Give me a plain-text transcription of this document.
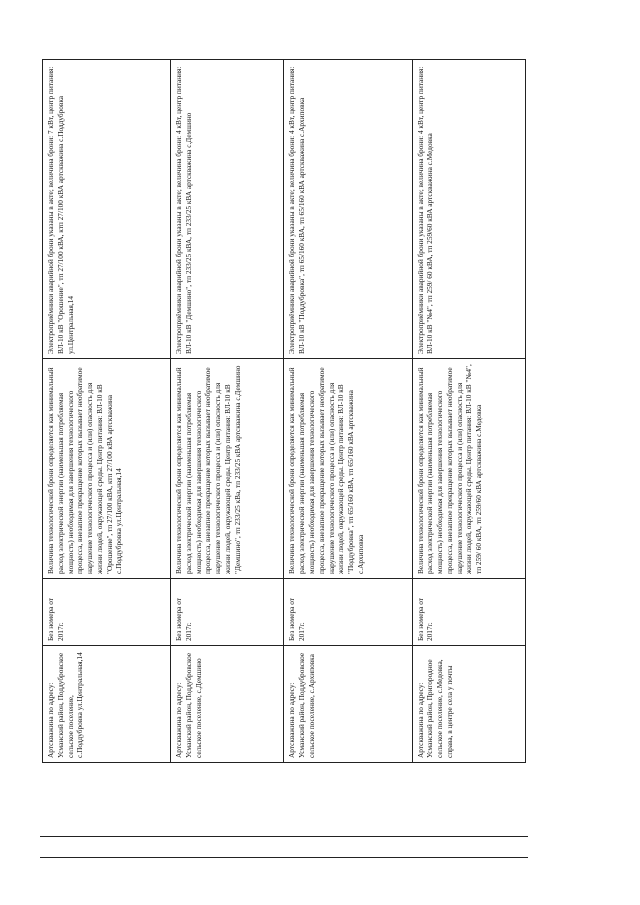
Артскважина по адресу: Усманский район, Поддубровское сельское поселение, с.Поддубровка ул.Центральная,14	Без номера от 2017г.	Величина технологической брони определяется как минимальный расход электрической энергии (наименьшая потребляемая мощность) необходимая для завершения технологического процесса, внезапное прекращение которых вызывает необратимое нарушение технологического процесса и (или) опасность для жизни людей, окружающей среды. Центр питания: ВЛ-10 кВ "Орошение", тп 27/100 кВА, ктп 27/100 кВА артскважина с.Поддубровка ул.Центральная,14	Электроприёмники аварийной брони указаны в акте; величина брони: 7 кВт, центр питания: ВЛ-10 кВ "Орошение", тп 27/100 кВА, ктп 27/100 кВА артскважина с.Поддубровка ул.Центральная,14
Артскважина по адресу: Усманский район, Поддубровское сельское поселение, с.Демшино	Без номера от 2017г.	Величина технологической брони определяется как минимальный расход электрической энергии (наименьшая потребляемая мощность) необходимая для завершения технологического процесса, внезапное прекращение которых вызывает необратимое нарушение технологического процесса и (или) опасность для жизни людей, окружающей среды. Центр питания: ВЛ-10 кВ "Демшино", тп 233/25 кВа, тп 233/25 кВА артскважина с.Демшино	Электроприёмники аварийной брони указаны в акте; величина брони: 4 кВт, центр питания: ВЛ-10 кВ "Демшино", тп 233/25 кВА, тп 233/25 кВА артскважина с.Демшино
Артскважина по адресу: Усманский район, Поддубровское сельское поселение, с.Архиповка	Без номера от 2017г.	Величина технологической брони определяется как минимальный расход электрической энергии (наименьшая потребляемая мощность) необходимая для завершения технологического процесса, внезапное прекращение которых вызывает необратимое нарушение технологического процесса и (или) опасность для жизни людей, окружающей среды. Центр питания: ВЛ-10 кВ "Поддубровка", тп 65/160 кВА, тп 65/160 кВА артскважина с.Архиповка	Электроприёмники аварийной брони указаны в акте; величина брони: 4 кВт, центр питания: ВЛ-10 кВ "Поддубровка", тп 65/160 кВА, тп 65/160 кВА артскважина с.Архиповка
Артскважина по адресу: Усманский район, Пригородное сельское поселение, с.Медовка, справа, в центре села у почты	Без номера от 2017г.	Величина технологической брони определяется как минимальный расход электрической энергии (наименьшая потребляемая мощность) необходимая для завершения технологического процесса, внезапное прекращение которых вызывает необратимое нарушение технологического процесса и (или) опасность для жизни людей, окружающей среды. Центр питания: ВЛ-10 кВ "№4", тп 259/ 60 кВА, тп 259/60 кВА артскважина с.Медовка	Электроприёмники аварийной брони указаны в акте; величина брони: 4 кВт, центр питания: ВЛ-10 кВ "№4", тп 259/ 60 кВА, тп 259/60 кВА артскважина с.Медовка
